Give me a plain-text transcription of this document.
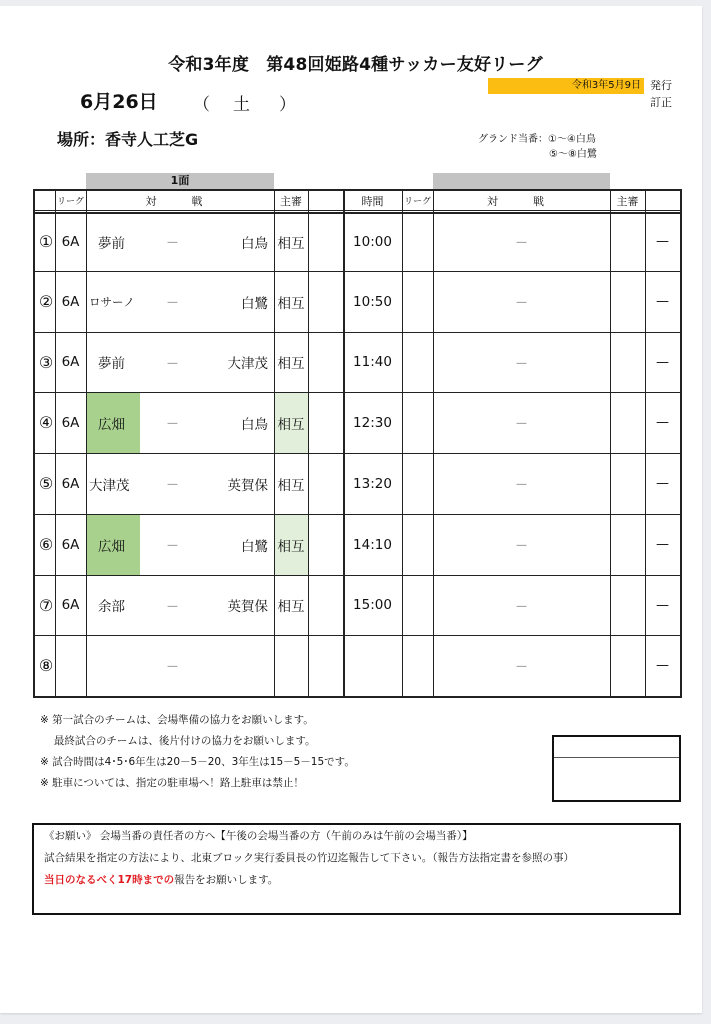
令和3年度　第48回姫路4種サッカー友好リーグ
令和3年5月9日 発行
訂正
6月26日 （ 土 ）
場所：香寺人工芝G	グランド当番：①～④白鳥
⑤～⑧白鷺
1面
リーグ	対　戦	主審	時間	リーグ	対　戦	主審
① 6A	夢前	－	白鳥 相互	10:00	－	—
② 6A ロサーノ	－	白鷺 相互	10:50	－	—
③ 6A	夢前	－	大津茂 相互	11:40	－	—
④ 6A	広畑	－	白鳥 相互	12:30	－	—
⑤ 6A 大津茂	－	英賀保 相互	13:20	－	—
⑥ 6A	広畑	－	白鷺 相互	14:10	－	—
⑦ 6A	余部	－	英賀保 相互	15:00	－	—
⑧	－	－	—
※ 第一試合のチームは、会場準備の協力をお願いします。
　 最終試合のチームは、後片付けの協力をお願いします。
※ 試合時間は4･5･6年生は20－5－20、3年生は15－5－15です。
※ 駐車については、指定の駐車場へ！路上駐車は禁止！
《お願い》 会場当番の責任者の方へ【午後の会場当番の方（午前のみは午前の会場当番）】
試合結果を指定の方法により、北東ブロック実行委員長の竹辺迄報告して下さい。（報告方法指定書を参照の事）
当日のなるべく17時までの報告をお願いします。
